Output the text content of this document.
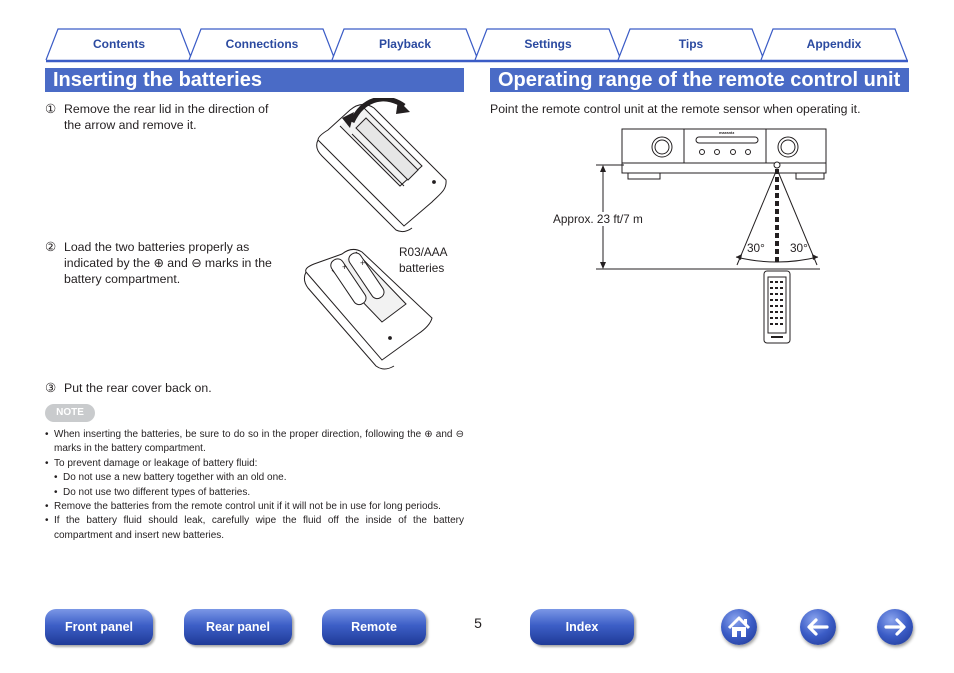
Contents	Connections	Playback	Settings	Tips	Appendix
Inserting the batteries
① Remove the rear lid in the direction of
the arrow and remove it.
② Load the two batteries properly as
indicated by the ⊕ and ⊖ marks in the
battery compartment.
+ +
R03/AAA
batteries
③ Put the rear cover back on.
NOTE
• When inserting the batteries, be sure to do so in the proper direction, following the ⊕ and ⊖ marks in the battery compartment.
• To prevent damage or leakage of battery fluid:
• Do not use a new battery together with an old one.
• Do not use two different types of batteries.
• Remove the batteries from the remote control unit if it will not be in use for long periods.
• If the battery fluid should leak, carefully wipe the fluid off the inside of the battery compartment and insert new batteries.
Operating range of the remote control unit
Point the remote control unit at the remote sensor when operating it.
marantz
Approx. 23 ft/7 m
30° 30°
Front panel	Rear panel	Remote	5	Index
